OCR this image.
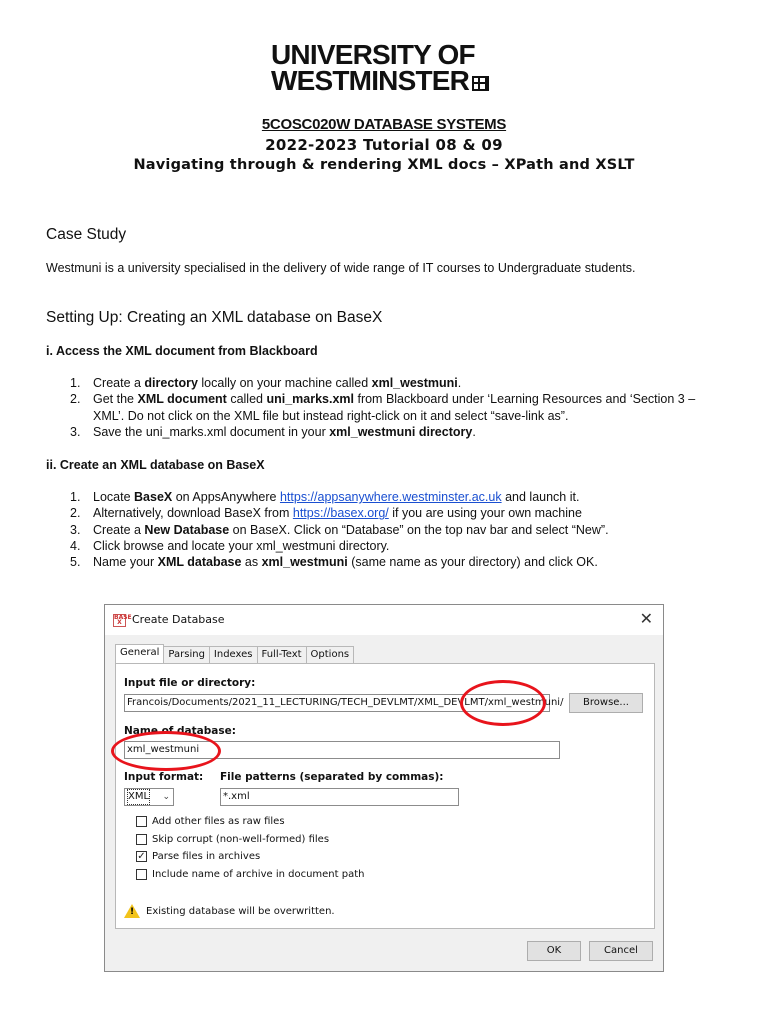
UNIVERSITY OF
WESTMINSTER
5COSC020W DATABASE SYSTEMS
2022-2023 Tutorial 08 & 09
Navigating through & rendering XML docs – XPath and XSLT
Case Study
Westmuni is a university specialised in the delivery of wide range of IT courses to Undergraduate students.
Setting Up: Creating an XML database on BaseX
i. Access the XML document from Blackboard
1. Create a directory locally on your machine called xml_westmuni.
2. Get the XML document called uni_marks.xml from Blackboard under ‘Learning Resources and ‘Section 3 –
XML’. Do not click on the XML file but instead right-click on it and select “save-link as”.
3. Save the uni_marks.xml document in your xml_westmuni directory.
ii. Create an XML database on BaseX
1. Locate BaseX on AppsAnywhere https://appsanywhere.westminster.ac.uk and launch it.
2. Alternatively, download BaseX from https://basex.org/ if you are using your own machine
3. Create a New Database on BaseX. Click on “Database” on the top nav bar and select “New”.
4. Click browse and locate your xml_westmuni directory.
5. Name your XML database as xml_westmuni (same name as your directory) and click OK.
BASE X Create Database	✕
General Parsing Indexes Full-Text Options
Input file or directory:
Francois/Documents/2021_11_LECTURING/TECH_DEVLMT/XML_DEVLMT/xml_westmuni/	Browse...
Name of database:
xml_westmuni
Input format: File patterns (separated by commas):
XML ⌄	*.xml
Add other files as raw files
Skip corrupt (non-well-formed) files
✓ Parse files in archives
Include name of archive in document path
! Existing database will be overwritten.
OK	Cancel
